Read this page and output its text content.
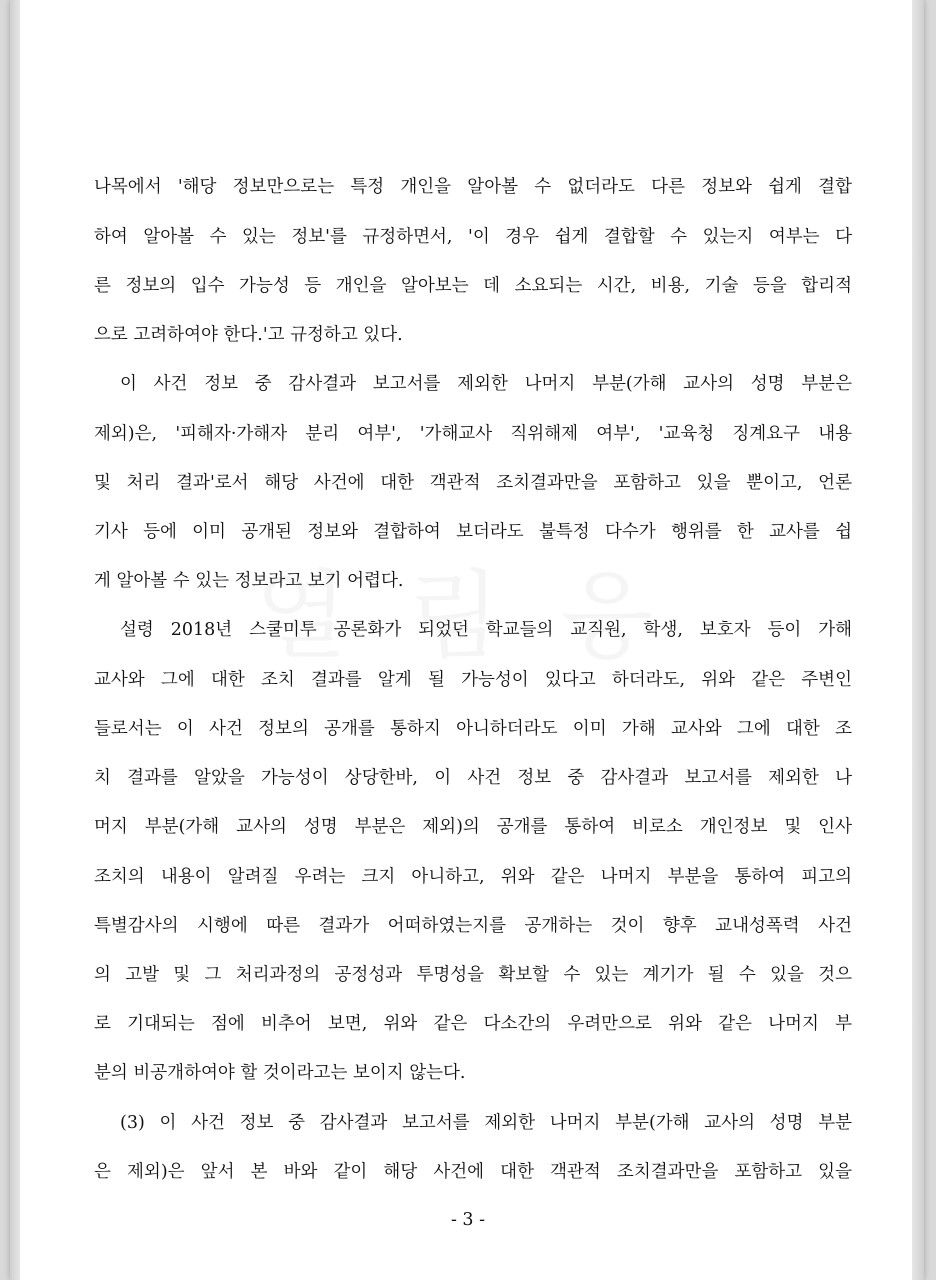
나목에서 '해당 정보만으로는 특정 개인을 알아볼 수 없더라도 다른 정보와 쉽게 결합
하여 알아볼 수 있는 정보'를 규정하면서, '이 경우 쉽게 결합할 수 있는지 여부는 다
른 정보의 입수 가능성 등 개인을 알아보는 데 소요되는 시간, 비용, 기술 등을 합리적
으로 고려하여야 한다.'고 규정하고 있다.
이 사건 정보 중 감사결과 보고서를 제외한 나머지 부분(가해 교사의 성명 부분은
제외)은, '피해자·가해자 분리 여부', '가해교사 직위해제 여부', '교육청 징계요구 내용
및 처리 결과'로서 해당 사건에 대한 객관적 조치결과만을 포함하고 있을 뿐이고, 언론
기사 등에 이미 공개된 정보와 결합하여 보더라도 불특정 다수가 행위를 한 교사를 쉽
게 알아볼 수 있는 정보라고 보기 어렵다.
설령 2018년 스쿨미투 공론화가 되었던 학교들의 교직원, 학생, 보호자 등이 가해
교사와 그에 대한 조치 결과를 알게 될 가능성이 있다고 하더라도, 위와 같은 주변인
들로서는 이 사건 정보의 공개를 통하지 아니하더라도 이미 가해 교사와 그에 대한 조
치 결과를 알았을 가능성이 상당한바, 이 사건 정보 중 감사결과 보고서를 제외한 나
머지 부분(가해 교사의 성명 부분은 제외)의 공개를 통하여 비로소 개인정보 및 인사
조치의 내용이 알려질 우려는 크지 아니하고, 위와 같은 나머지 부분을 통하여 피고의
특별감사의 시행에 따른 결과가 어떠하였는지를 공개하는 것이 향후 교내성폭력 사건
의 고발 및 그 처리과정의 공정성과 투명성을 확보할 수 있는 계기가 될 수 있을 것으
로 기대되는 점에 비추어 보면, 위와 같은 다소간의 우려만으로 위와 같은 나머지 부
분의 비공개하여야 할 것이라고는 보이지 않는다.
(3) 이 사건 정보 중 감사결과 보고서를 제외한 나머지 부분(가해 교사의 성명 부분
은 제외)은 앞서 본 바와 같이 해당 사건에 대한 객관적 조치결과만을 포함하고 있을
- 3 -
